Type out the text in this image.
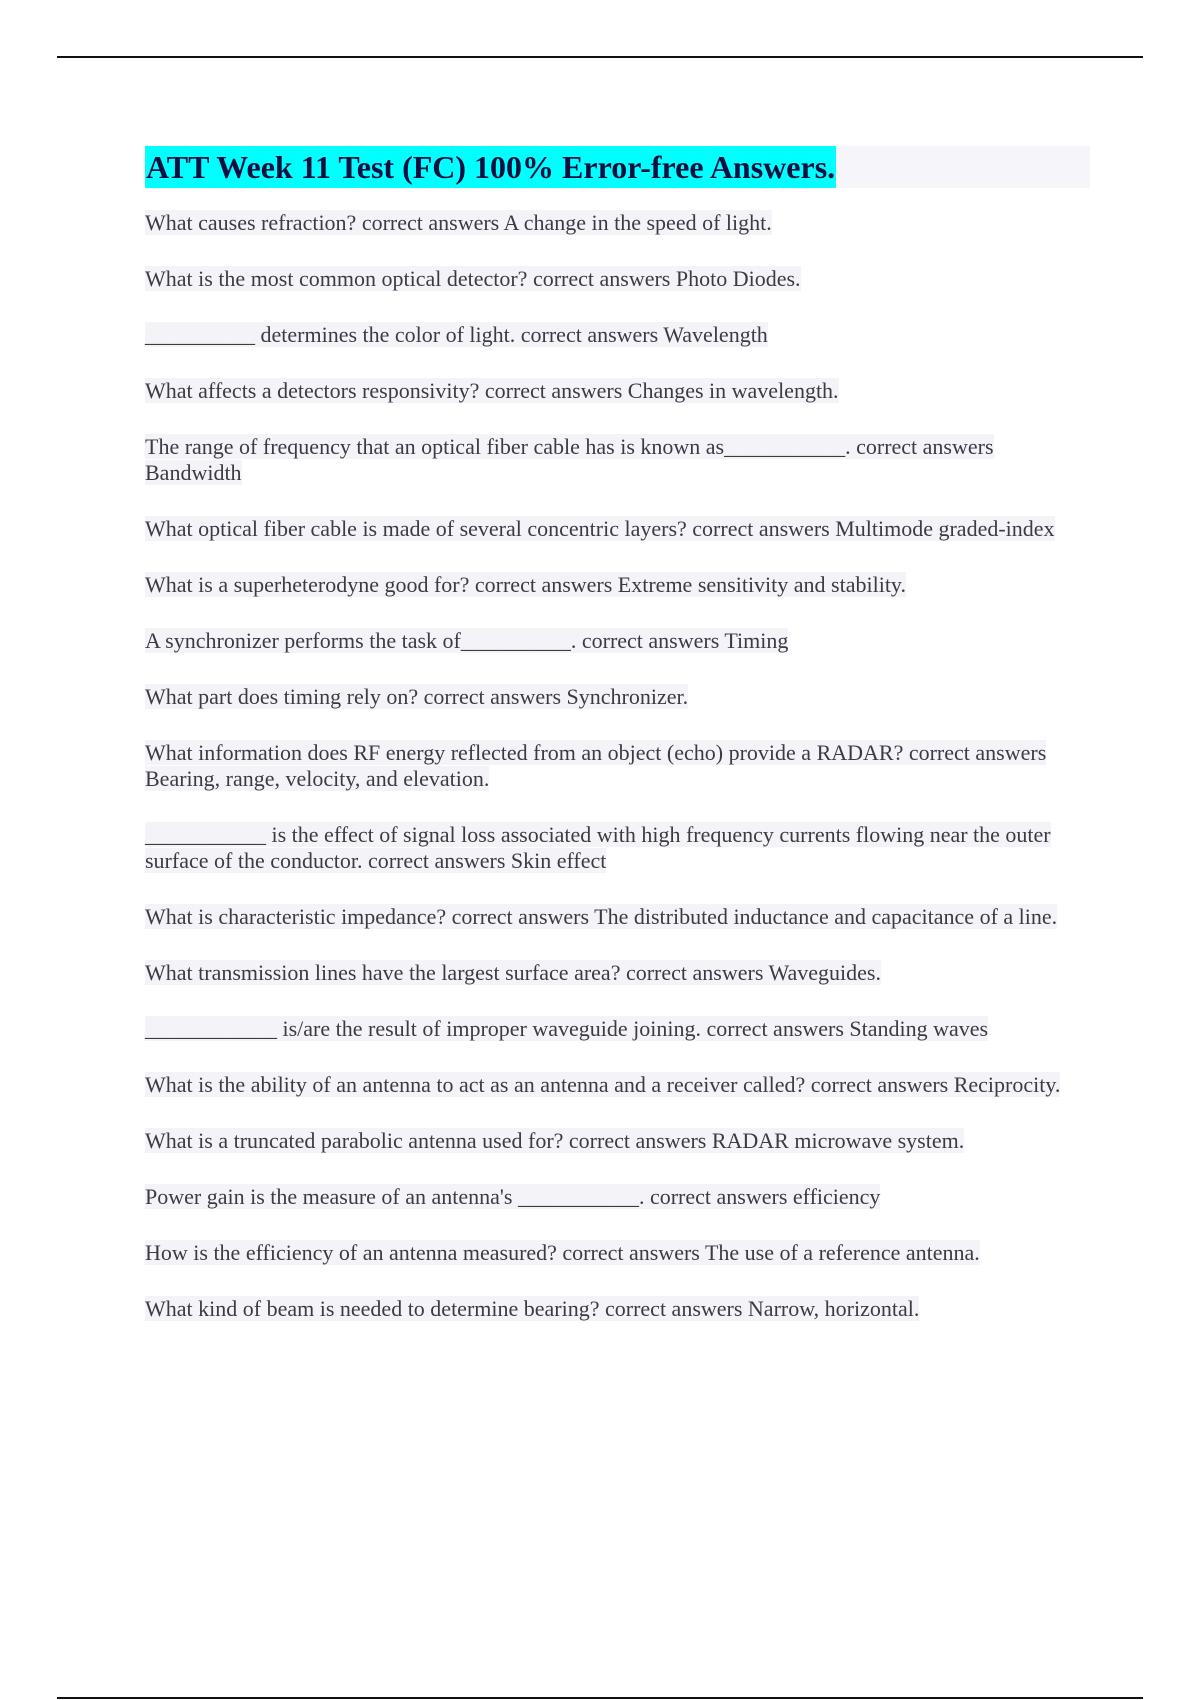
ATT Week 11 Test (FC) 100% Error-free Answers.
What causes refraction? correct answers A change in the speed of light.
What is the most common optical detector? correct answers Photo Diodes.
__________ determines the color of light. correct answers Wavelength
What affects a detectors responsivity? correct answers Changes in wavelength.
The range of frequency that an optical fiber cable has is known as___________. correct answers Bandwidth
What optical fiber cable is made of several concentric layers? correct answers Multimode graded-index
What is a superheterodyne good for? correct answers Extreme sensitivity and stability.
A synchronizer performs the task of__________. correct answers Timing
What part does timing rely on? correct answers Synchronizer.
What information does RF energy reflected from an object (echo) provide a RADAR? correct answers Bearing, range, velocity, and elevation.
___________ is the effect of signal loss associated with high frequency currents flowing near the outer surface of the conductor. correct answers Skin effect
What is characteristic impedance? correct answers The distributed inductance and capacitance of a line.
What transmission lines have the largest surface area? correct answers Waveguides.
____________ is/are the result of improper waveguide joining. correct answers Standing waves
What is the ability of an antenna to act as an antenna and a receiver called? correct answers Reciprocity.
What is a truncated parabolic antenna used for? correct answers RADAR microwave system.
Power gain is the measure of an antenna's ___________. correct answers efficiency
How is the efficiency of an antenna measured? correct answers The use of a reference antenna.
What kind of beam is needed to determine bearing? correct answers Narrow, horizontal.
